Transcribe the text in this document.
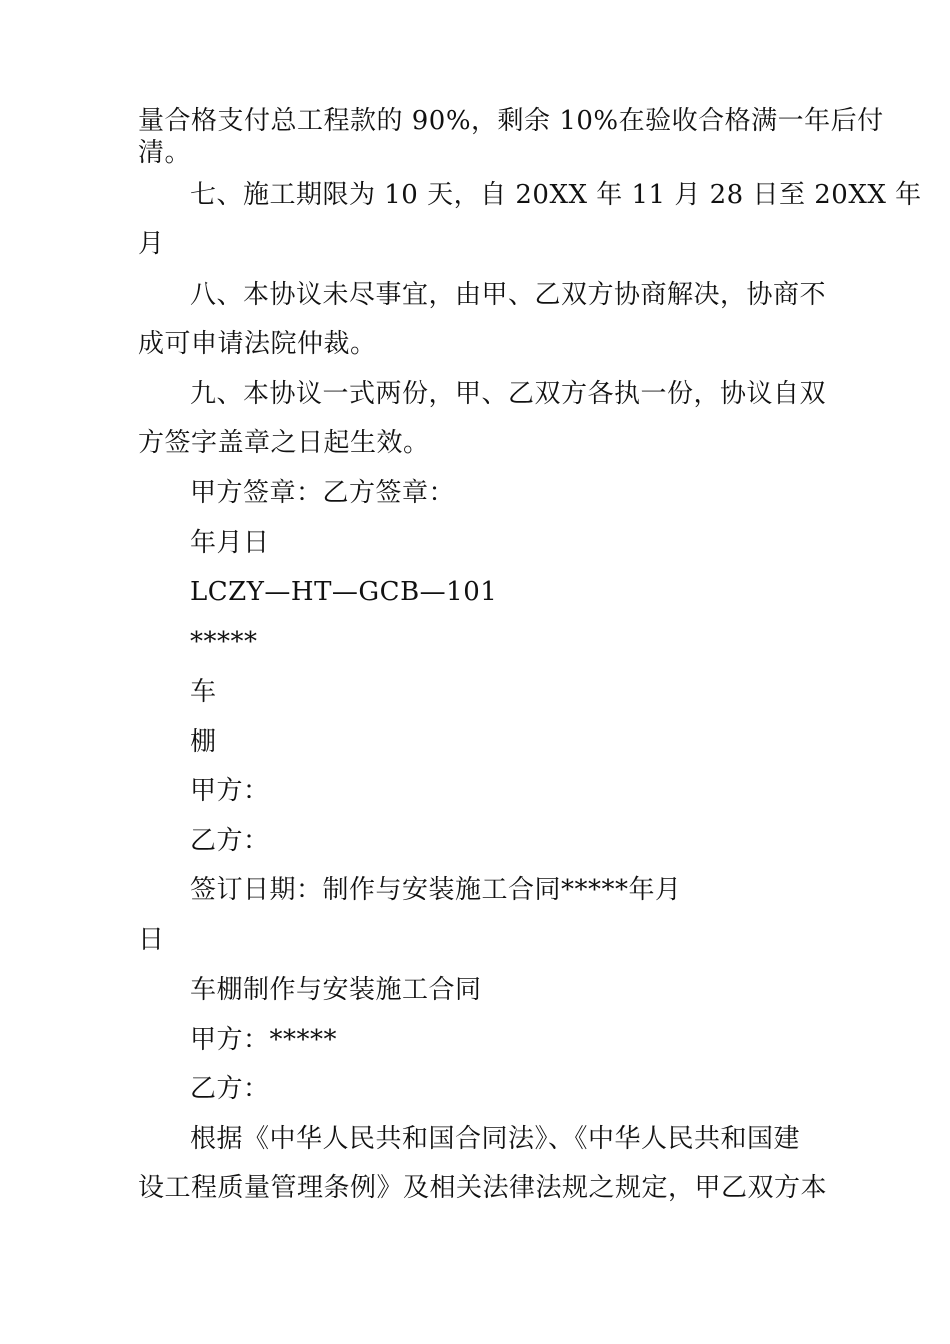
量合格支付总工程款的 90%，剩余 10%在验收合格满一年后付
清。
七、施工期限为 10 天，自 20XX 年 11 月 28 日至 20XX 年
月
八、本协议未尽事宜，由甲、乙双方协商解决，协商不
成可申请法院仲裁。
九、本协议一式两份，甲、乙双方各执一份，协议自双
方签字盖章之日起生效。
甲方签章：乙方签章：
年月日
LCZY—HT—GCB—101
*****
车
棚
甲方：
乙方：
签订日期：制作与安装施工合同*****年月
日
车棚制作与安装施工合同
甲方：*****
乙方：
根据《中华人民共和国合同法》、《中华人民共和国建
设工程质量管理条例》及相关法律法规之规定，甲乙双方本
